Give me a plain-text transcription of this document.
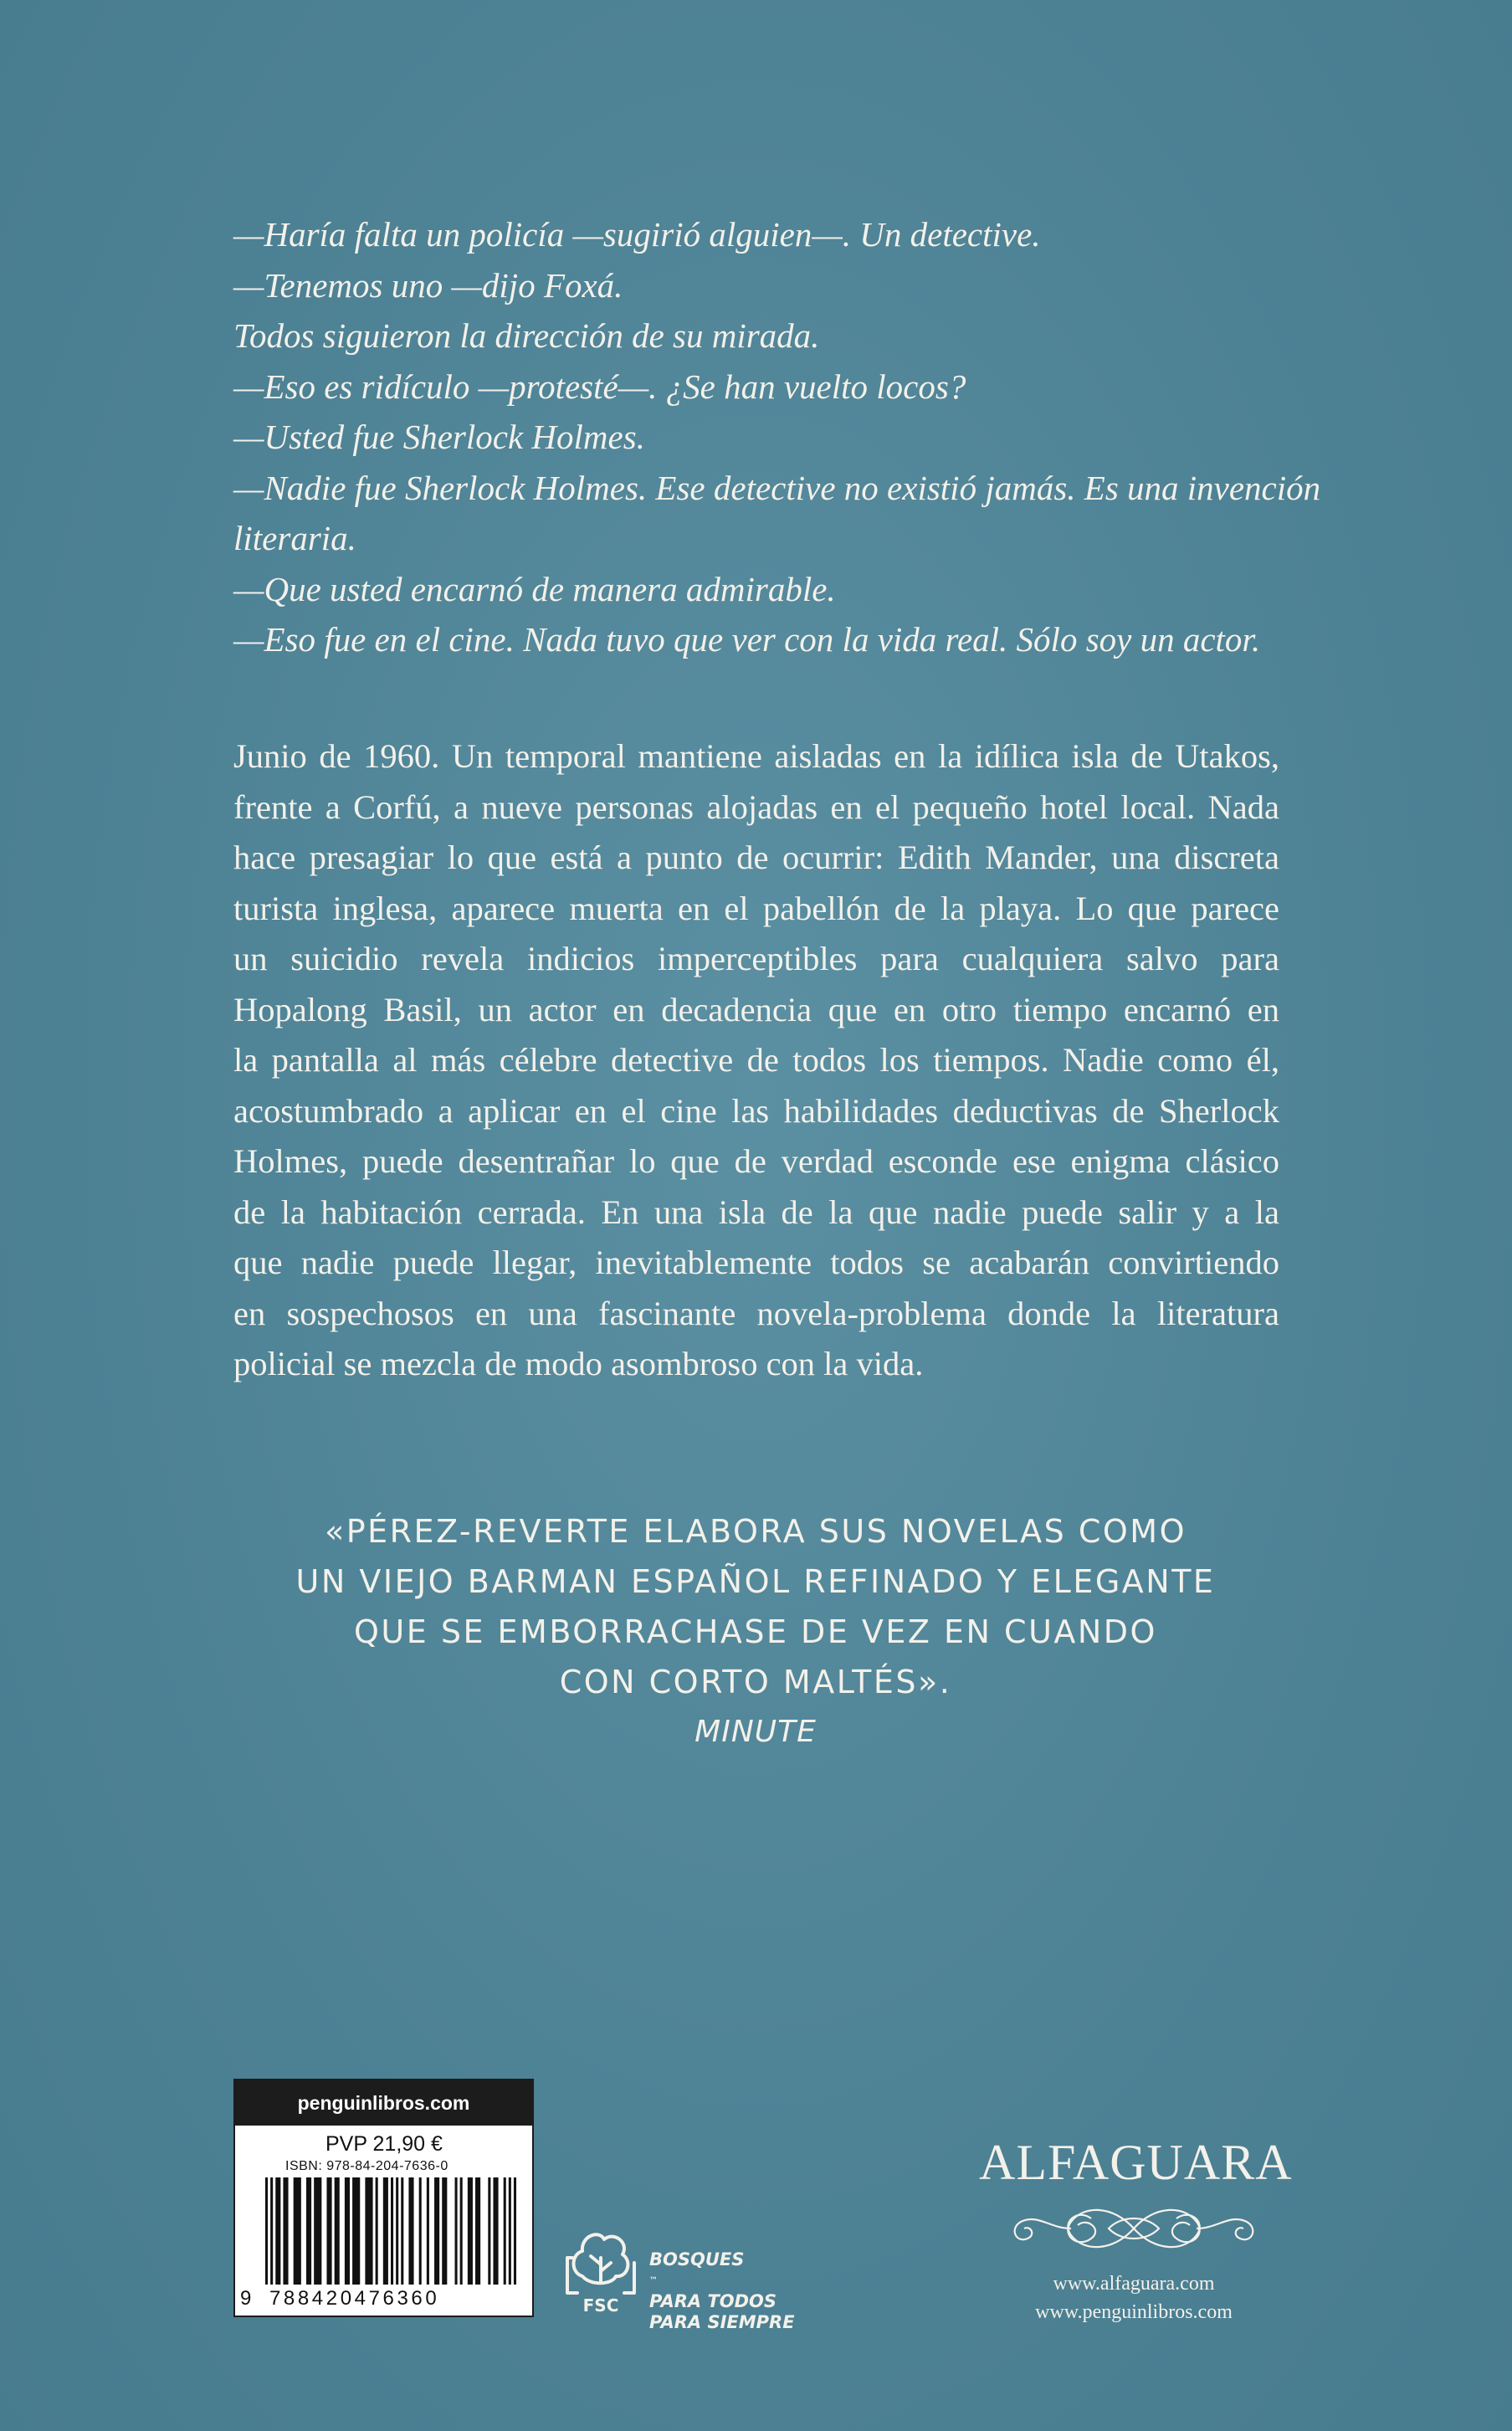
—Haría falta un policía —sugirió alguien—. Un detective.

—Tenemos uno —dijo Foxá.

Todos siguieron la dirección de su mirada.

—Eso es ridículo —protesté—. ¿Se han vuelto locos?

—Usted fue Sherlock Holmes.

—Nadie fue Sherlock Holmes. Ese detective no existió jamás. Es una invención

literaria.

—Que usted encarnó de manera admirable.

—Eso fue en el cine. Nada tuvo que ver con la vida real. Sólo soy un actor.

Junio de 1960. Un temporal mantiene aisladas en la idílica isla de Utakos,
frente a Corfú, a nueve personas alojadas en el pequeño hotel local. Nada
hace presagiar lo que está a punto de ocurrir: Edith Mander, una discreta
turista inglesa, aparece muerta en el pabellón de la playa. Lo que parece
un suicidio revela indicios imperceptibles para cualquiera salvo para
Hopalong Basil, un actor en decadencia que en otro tiempo encarnó en
la pantalla al más célebre detective de todos los tiempos. Nadie como él,
acostumbrado a aplicar en el cine las habilidades deductivas de Sherlock
Holmes, puede desentrañar lo que de verdad esconde ese enigma clásico
de la habitación cerrada. En una isla de la que nadie puede salir y a la
que nadie puede llegar, inevitablemente todos se acabarán convirtiendo
en sospechosos en una fascinante novela-problema donde la literatura
policial se mezcla de modo asombroso con la vida.
«PÉREZ-REVERTE ELABORA SUS NOVELAS COMO
UN VIEJO BARMAN ESPAÑOL REFINADO Y ELEGANTE
QUE SE EMBORRACHASE DE VEZ EN CUANDO
CON CORTO MALTÉS».
MINUTE
penguinlibros.com
PVP 21,90 €
ISBN: 978-84-204-7636-0
9 788420476360	FSC
BOSQUES
™
PARA TODOS
PARA SIEMPRE
ALFAGUARA
www.alfaguara.com
www.penguinlibros.com
